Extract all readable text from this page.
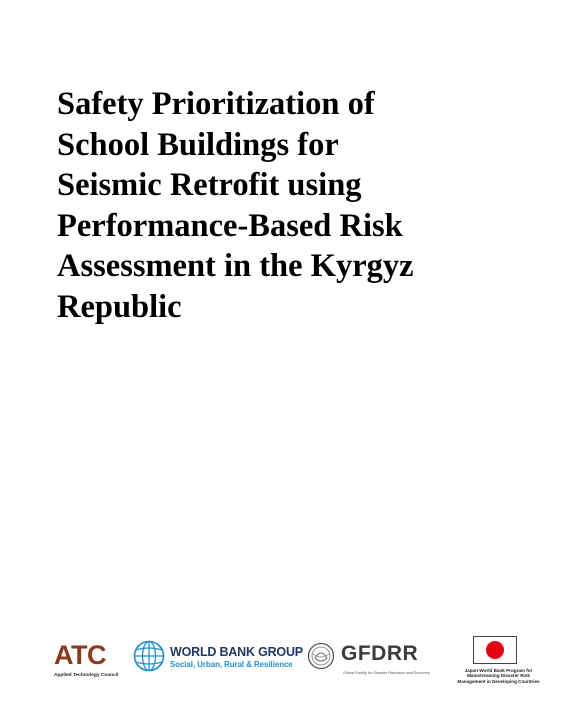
Safety Prioritization of
School Buildings for
Seismic Retrofit using
Performance-Based Risk
Assessment in the Kyrgyz
Republic
ATC
Applied Technology Council
WORLD BANK GROUP
Social, Urban, Rural & Resilience GFDRR
Global Facility for Disaster Reduction and Recovery	Japan-World Bank Program for
Mainstreaming Disaster Risk
Management in Developing Countries
